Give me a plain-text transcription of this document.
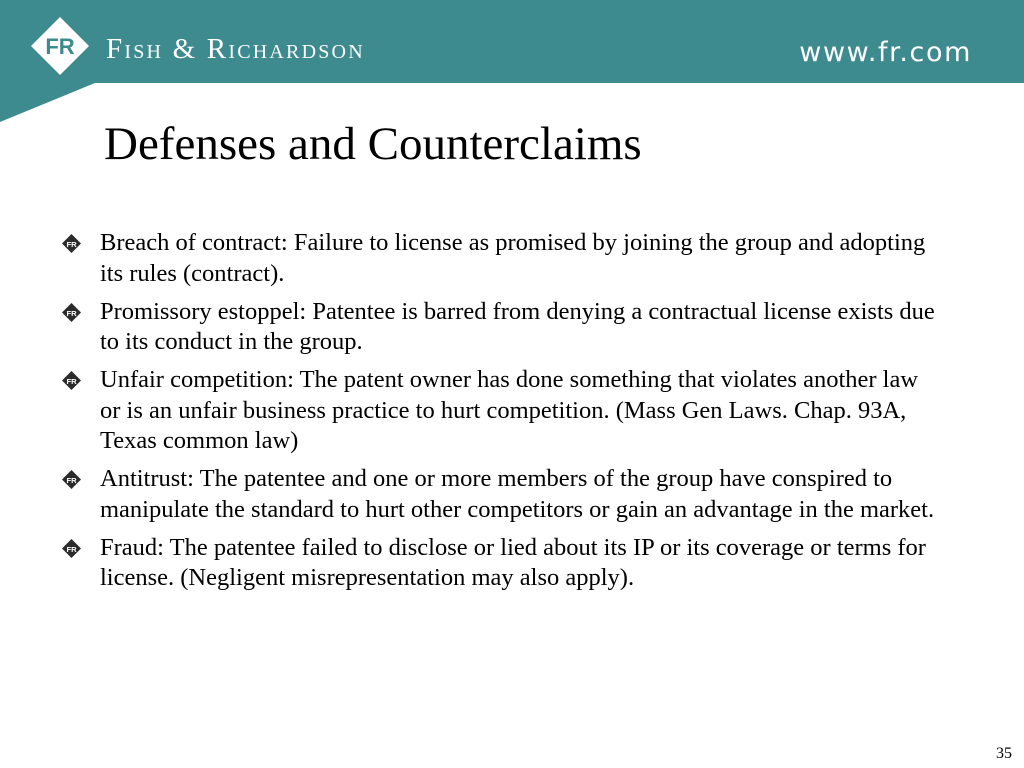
FR Fish & Richardson	www.fr.com
Defenses and Counterclaims
FR Breach of contract: Failure to license as promised by joining the group and adopting its rules (contract).
FR Promissory estoppel: Patentee is barred from denying a contractual license exists due to its conduct in the group.
FR Unfair competition: The patent owner has done something that violates another law or is an unfair business practice to hurt competition. (Mass Gen Laws. Chap. 93A, Texas common law)
FR Antitrust: The patentee and one or more members of the group have conspired to manipulate the standard to hurt other competitors or gain an advantage in the market.
FR Fraud: The patentee failed to disclose or lied about its IP or its coverage or terms for license. (Negligent misrepresentation may also apply).
35
